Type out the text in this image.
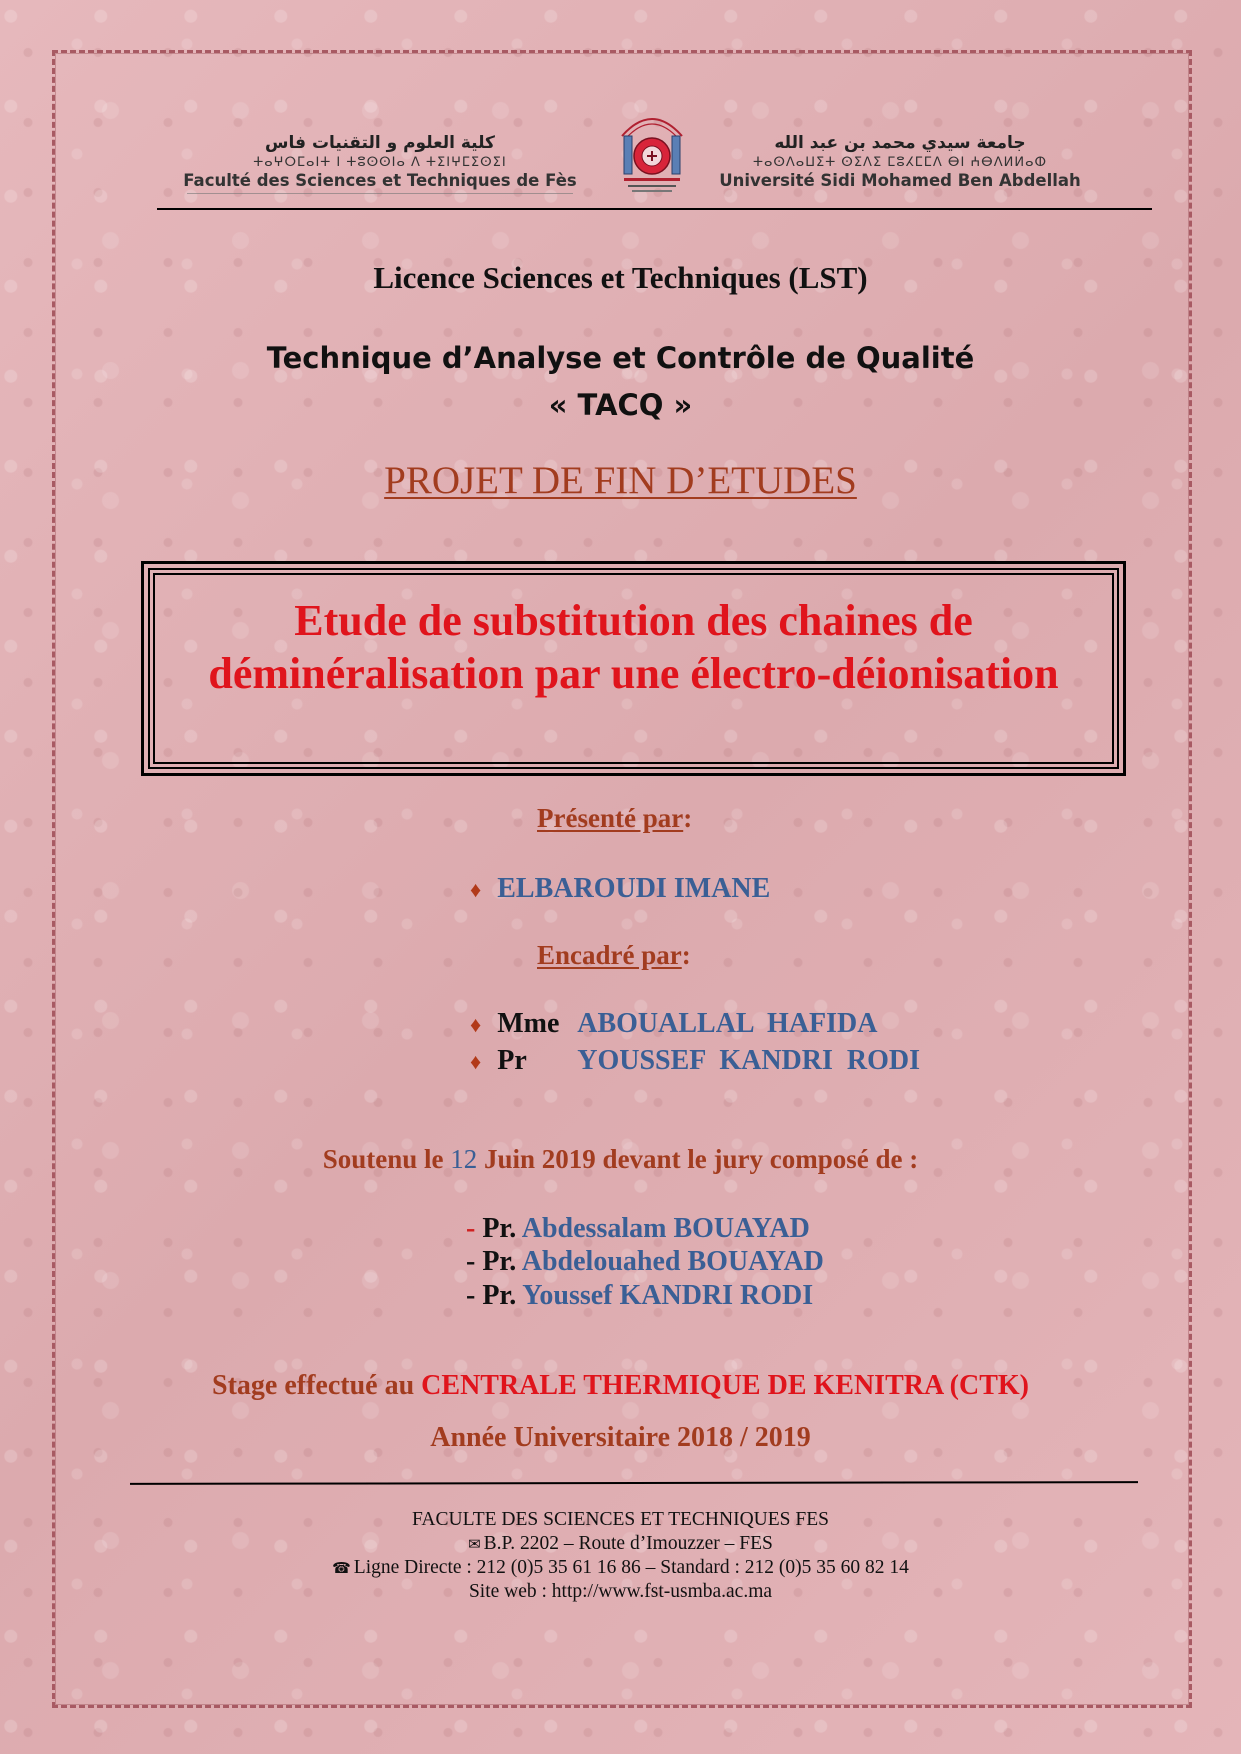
كلية العلوم و التقنيات فاس
ⵜⴰⵖⵔⵎⴰⵏⵜ ⵏ ⵜⵓⵙⵙⵏⴰ ⴷ ⵜⵉⵏⵖⵎⵉⵙⵉⵏ
Faculté des Sciences et Techniques de Fès
جامعة سيدي محمد بن عبد الله
ⵜⴰⵙⴷⴰⵡⵉⵜ ⵙⵉⴷⵉ ⵎⵓⵃⵎⵎⴷ ⴱⵏ ⵄⴱⴷⵍⵍⴰⵀ
Université Sidi Mohamed Ben Abdellah
Licence Sciences et Techniques (LST)
Technique d’Analyse et Contrôle de Qualité
« TACQ »
PROJET DE FIN D’ETUDES
Etude de substitution des chaines de
déminéralisation par une électro-déionisation
Présenté par:
♦ ELBAROUDI IMANE
Encadré par:
♦ Mme ABOUALLAL  HAFIDA
♦ Pr YOUSSEF  KANDRI  RODI
Soutenu le 12 Juin 2019 devant le jury composé de :
- Pr. Abdessalam BOUAYAD
- Pr. Abdelouahed BOUAYAD
- Pr. Youssef KANDRI RODI
Stage effectué au CENTRALE THERMIQUE DE KENITRA (CTK)
Année Universitaire 2018 / 2019
FACULTE DES SCIENCES ET TECHNIQUES FES
✉ B.P. 2202 – Route d’Imouzzer – FES
☎ Ligne Directe : 212 (0)5 35 61 16 86 – Standard : 212 (0)5 35 60 82 14
Site web : http://www.fst-usmba.ac.ma
